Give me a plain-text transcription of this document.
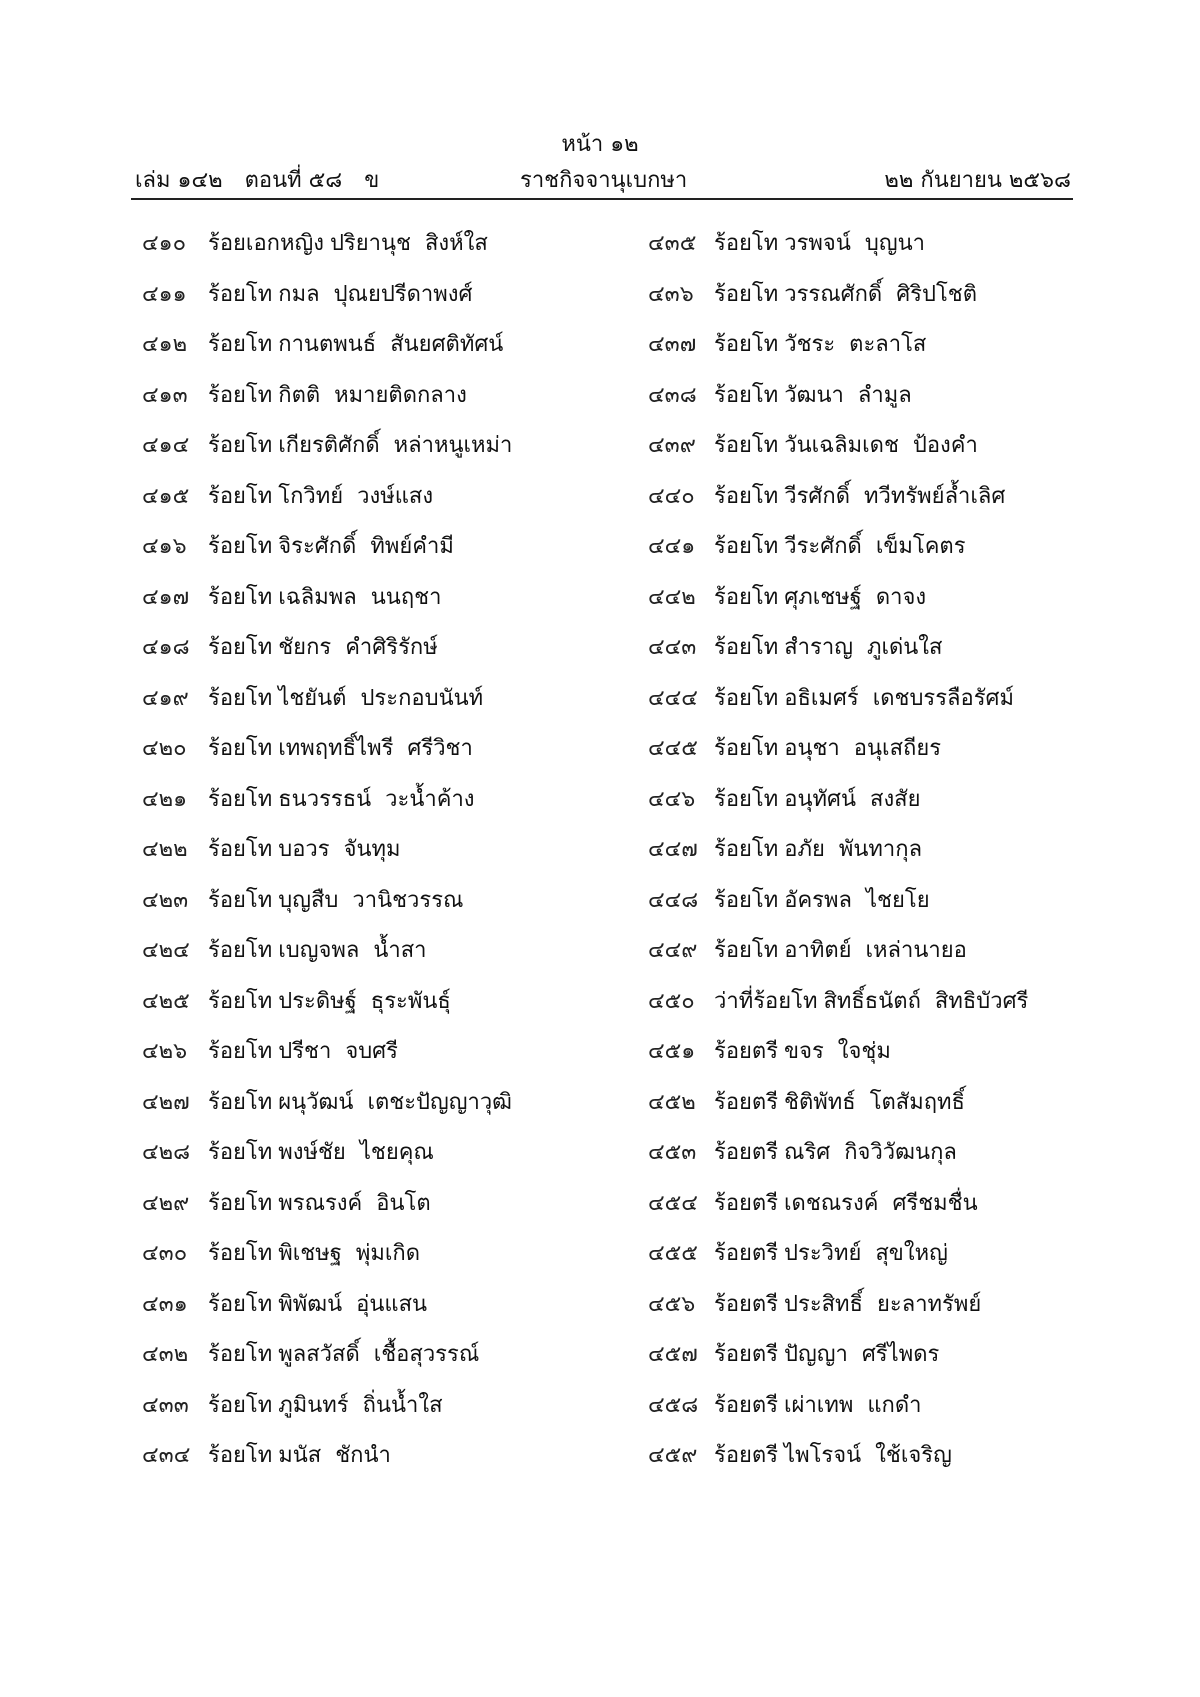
หน้า ๑๒
เล่ม ๑๔๒ ตอนที่ ๕๘ ข	ราชกิจจานุเบกษา	๒๒ กันยายน ๒๕๖๘
๔๑๐ ร้อยเอกหญิง ปริยานุช สิงห์ใส
๔๑๑ ร้อยโท กมล ปุณยปรีดาพงศ์
๔๑๒ ร้อยโท กานตพนธ์ สันยศติทัศน์
๔๑๓ ร้อยโท กิตติ หมายติดกลาง
๔๑๔ ร้อยโท เกียรติศักดิ์ หล่าหนูเหม่า
๔๑๕ ร้อยโท โกวิทย์ วงษ์แสง
๔๑๖ ร้อยโท จิระศักดิ์ ทิพย์คำมี
๔๑๗ ร้อยโท เฉลิมพล นนฤชา
๔๑๘ ร้อยโท ชัยกร คำศิริรักษ์
๔๑๙ ร้อยโท ไชยันต์ ประกอบนันท์
๔๒๐ ร้อยโท เทพฤทธิ์ไพรี ศรีวิชา
๔๒๑ ร้อยโท ธนวรรธน์ วะน้ำค้าง
๔๒๒ ร้อยโท บอวร จันทุม
๔๒๓ ร้อยโท บุญสืบ วานิชวรรณ
๔๒๔ ร้อยโท เบญจพล น้ำสา
๔๒๕ ร้อยโท ประดิษฐ์ ธุระพันธุ์
๔๒๖ ร้อยโท ปรีชา จบศรี
๔๒๗ ร้อยโท ผนุวัฒน์ เตชะปัญญาวุฒิ
๔๒๘ ร้อยโท พงษ์ชัย ไชยคุณ
๔๒๙ ร้อยโท พรณรงค์ อินโต
๔๓๐ ร้อยโท พิเชษฐ พุ่มเกิด
๔๓๑ ร้อยโท พิพัฒน์ อุ่นแสน
๔๓๒ ร้อยโท พูลสวัสดิ์ เชื้อสุวรรณ์
๔๓๓ ร้อยโท ภูมินทร์ ถิ่นน้ำใส
๔๓๔ ร้อยโท มนัส ชักนำ
๔๓๕ ร้อยโท วรพจน์ บุญนา
๔๓๖ ร้อยโท วรรณศักดิ์ ศิริปโชติ
๔๓๗ ร้อยโท วัชระ ตะลาโส
๔๓๘ ร้อยโท วัฒนา ลำมูล
๔๓๙ ร้อยโท วันเฉลิมเดช ป้องคำ
๔๔๐ ร้อยโท วีรศักดิ์ ทวีทรัพย์ล้ำเลิศ
๔๔๑ ร้อยโท วีระศักดิ์ เข็มโคตร
๔๔๒ ร้อยโท ศุภเชษฐ์ ดาจง
๔๔๓ ร้อยโท สำราญ ภูเด่นใส
๔๔๔ ร้อยโท อธิเมศร์ เดชบรรลือรัศม์
๔๔๕ ร้อยโท อนุชา อนุเสถียร
๔๔๖ ร้อยโท อนุทัศน์ สงสัย
๔๔๗ ร้อยโท อภัย พันทากุล
๔๔๘ ร้อยโท อัครพล ไชยโย
๔๔๙ ร้อยโท อาทิตย์ เหล่านายอ
๔๕๐ ว่าที่ร้อยโท สิทธิ์ธนัตถ์ สิทธิบัวศรี
๔๕๑ ร้อยตรี ขจร ใจชุ่ม
๔๕๒ ร้อยตรี ชิติพัทธ์ โตสัมฤทธิ์
๔๕๓ ร้อยตรี ณริศ กิจวิวัฒนกุล
๔๕๔ ร้อยตรี เดชณรงค์ ศรีชมชื่น
๔๕๕ ร้อยตรี ประวิทย์ สุขใหญ่
๔๕๖ ร้อยตรี ประสิทธิ์ ยะลาทรัพย์
๔๕๗ ร้อยตรี ปัญญา ศรีไพดร
๔๕๘ ร้อยตรี เผ่าเทพ แกดำ
๔๕๙ ร้อยตรี ไพโรจน์ ใช้เจริญ
